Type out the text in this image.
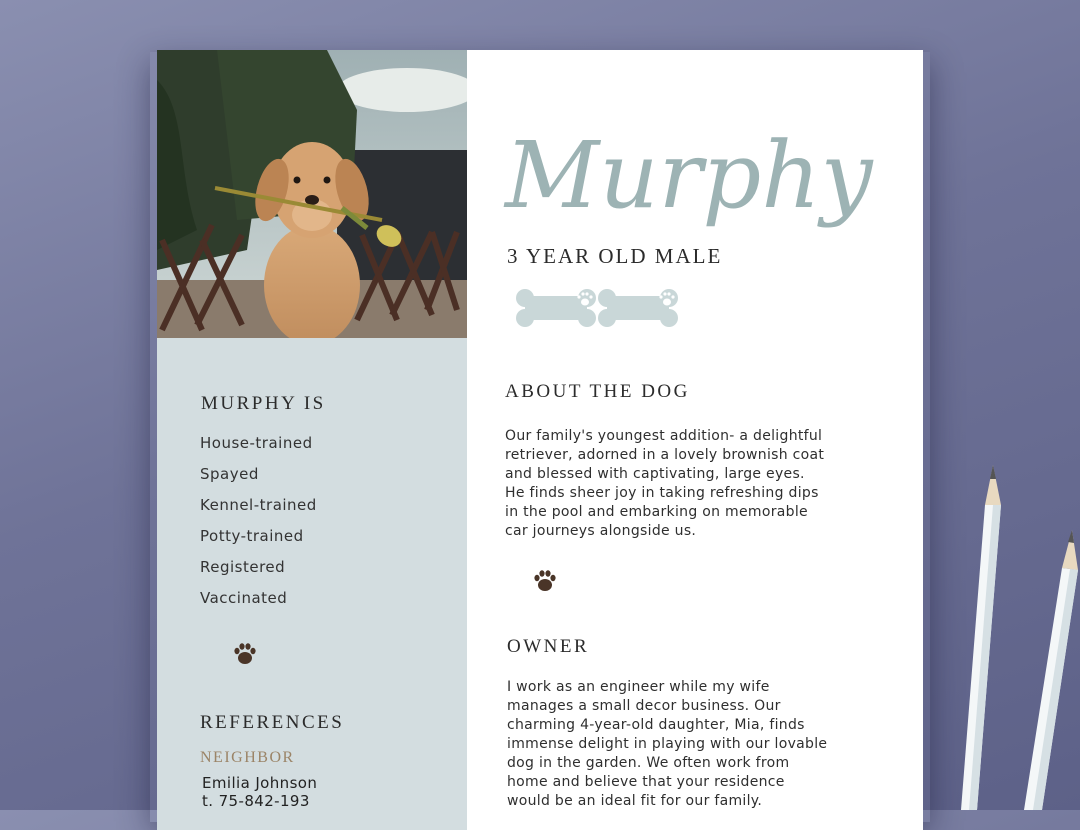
MURPHY IS
House-trained
Spayed
Kennel-trained
Potty-trained
Registered
Vaccinated
REFERENCES
NEIGHBOR
Emilia Johnson
t. 75-842-193
Murphy
3 YEAR OLD MALE
ABOUT THE DOG

Our family's youngest addition- a delightful
retriever, adorned in a lovely brownish coat
and blessed with captivating, large eyes.
He finds sheer joy in taking refreshing dips
in the pool and embarking on memorable
car journeys alongside us.

OWNER

I work as an engineer while my wife
manages a small decor business. Our
charming 4-year-old daughter, Mia, finds
immense delight in playing with our lovable
dog in the garden. We often work from
home and believe that your residence
would be an ideal fit for our family.
